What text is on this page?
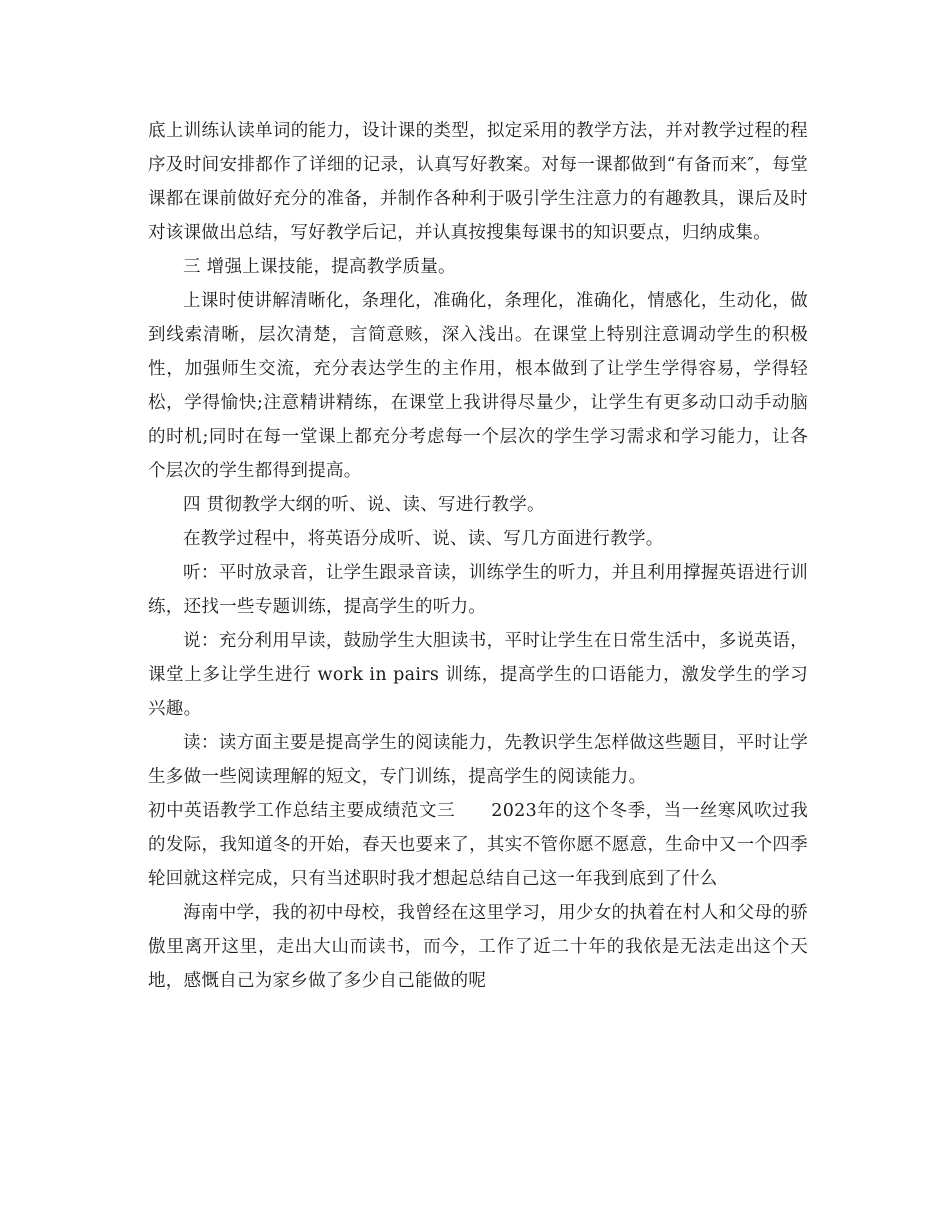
底上训练认读单词的能力，设计课的类型，拟定采用的教学方法，并对教学过程的程序及时间安排都作了详细的记录，认真写好教案。对每一课都做到“有备而来″，每堂课都在课前做好充分的准备，并制作各种利于吸引学生注意力的有趣教具，课后及时对该课做出总结，写好教学后记，并认真按搜集每课书的知识要点，归纳成集。

三 增强上课技能，提高教学质量。

上课时使讲解清晰化，条理化，准确化，条理化，准确化，情感化，生动化，做到线索清晰，层次清楚，言简意赅，深入浅出。在课堂上特别注意调动学生的积极性，加强师生交流，充分表达学生的主作用，根本做到了让学生学得容易，学得轻松，学得愉快;注意精讲精练，在课堂上我讲得尽量少，让学生有更多动口动手动脑的时机;同时在每一堂课上都充分考虑每一个层次的学生学习需求和学习能力，让各个层次的学生都得到提高。

四 贯彻教学大纲的听、说、读、写进行教学。

在教学过程中，将英语分成听、说、读、写几方面进行教学。

听：平时放录音，让学生跟录音读，训练学生的听力，并且利用撑握英语进行训练，还找一些专题训练，提高学生的听力。

说：充分利用早读，鼓励学生大胆读书，平时让学生在日常生活中，多说英语，课堂上多让学生进行 work in pairs 训练，提高学生的口语能力，激发学生的学习兴趣。

读：读方面主要是提高学生的阅读能力，先教识学生怎样做这些题目，平时让学生多做一些阅读理解的短文，专门训练，提高学生的阅读能力。

初中英语教学工作总结主要成绩范文三　　2023年的这个冬季，当一丝寒风吹过我的发际，我知道冬的开始，春天也要来了，其实不管你愿不愿意，生命中又一个四季轮回就这样完成，只有当述职时我才想起总结自己这一年我到底到了什么

海南中学，我的初中母校，我曾经在这里学习，用少女的执着在村人和父母的骄傲里离开这里，走出大山而读书，而今，工作了近二十年的我依是无法走出这个天地，感慨自己为家乡做了多少自己能做的呢
